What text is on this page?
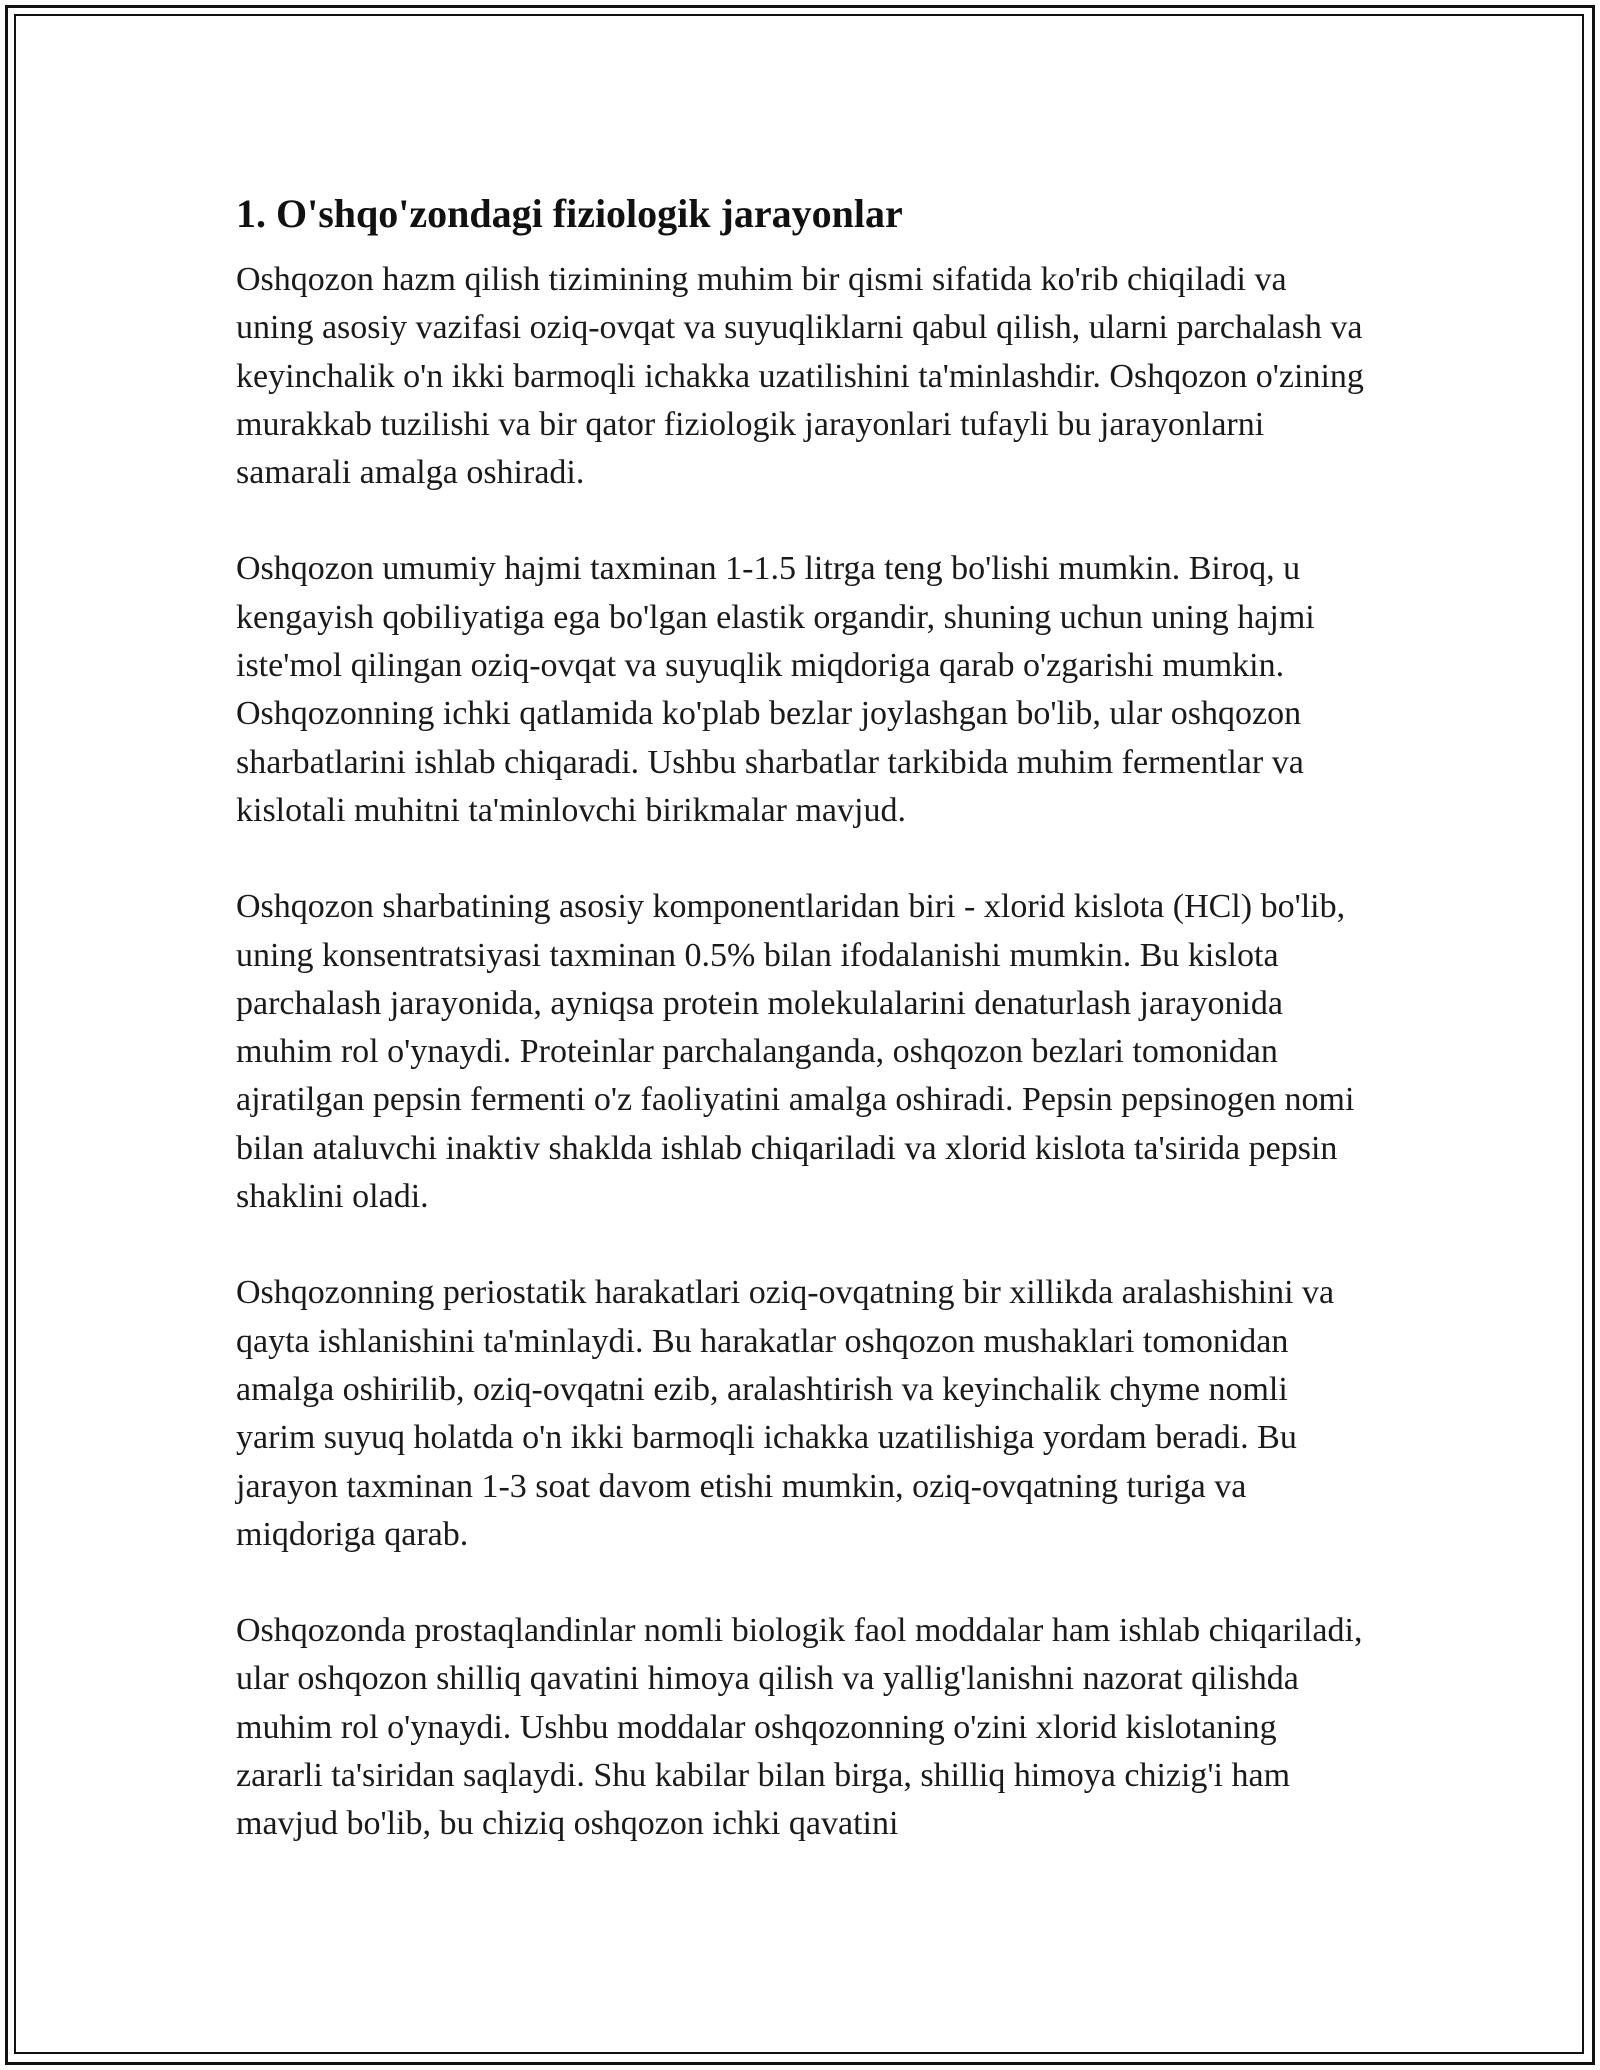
1. O'shqo'zondagi fiziologik jarayonlar

Oshqozon hazm qilish tizimining muhim bir qismi sifatida ko'rib chiqiladi va uning asosiy vazifasi oziq-ovqat va suyuqliklarni qabul qilish, ularni parchalash va keyinchalik o'n ikki barmoqli ichakka uzatilishini ta'minlashdir. Oshqozon o'zining murakkab tuzilishi va bir qator fiziologik jarayonlari tufayli bu jarayonlarni samarali amalga oshiradi.

Oshqozon umumiy hajmi taxminan 1-1.5 litrga teng bo'lishi mumkin. Biroq, u kengayish qobiliyatiga ega bo'lgan elastik organdir, shuning uchun uning hajmi iste'mol qilingan oziq-ovqat va suyuqlik miqdoriga qarab o'zgarishi mumkin. Oshqozonning ichki qatlamida ko'plab bezlar joylashgan bo'lib, ular oshqozon sharbatlarini ishlab chiqaradi. Ushbu sharbatlar tarkibida muhim fermentlar va kislotali muhitni ta'minlovchi birikmalar mavjud.

Oshqozon sharbatining asosiy komponentlaridan biri - xlorid kislota (HCl) bo'lib, uning konsentratsiyasi taxminan 0.5% bilan ifodalanishi mumkin. Bu kislota parchalash jarayonida, ayniqsa protein molekulalarini denaturlash jarayonida muhim rol o'ynaydi. Proteinlar parchalanganda, oshqozon bezlari tomonidan ajratilgan pepsin fermenti o'z faoliyatini amalga oshiradi. Pepsin pepsinogen nomi bilan ataluvchi inaktiv shaklda ishlab chiqariladi va xlorid kislota ta'sirida pepsin shaklini oladi.

Oshqozonning periostatik harakatlari oziq-ovqatning bir xillikda aralashishini va qayta ishlanishini ta'minlaydi. Bu harakatlar oshqozon mushaklari tomonidan amalga oshirilib, oziq-ovqatni ezib, aralashtirish va keyinchalik chyme nomli yarim suyuq holatda o'n ikki barmoqli ichakka uzatilishiga yordam beradi. Bu jarayon taxminan 1-3 soat davom etishi mumkin, oziq-ovqatning turiga va miqdoriga qarab.

Oshqozonda prostaqlandinlar nomli biologik faol moddalar ham ishlab chiqariladi, ular oshqozon shilliq qavatini himoya qilish va yallig'lanishni nazorat qilishda muhim rol o'ynaydi. Ushbu moddalar oshqozonning o'zini xlorid kislotaning zararli ta'siridan saqlaydi. Shu kabilar bilan birga, shilliq himoya chizig'i ham mavjud bo'lib, bu chiziq oshqozon ichki qavatini
